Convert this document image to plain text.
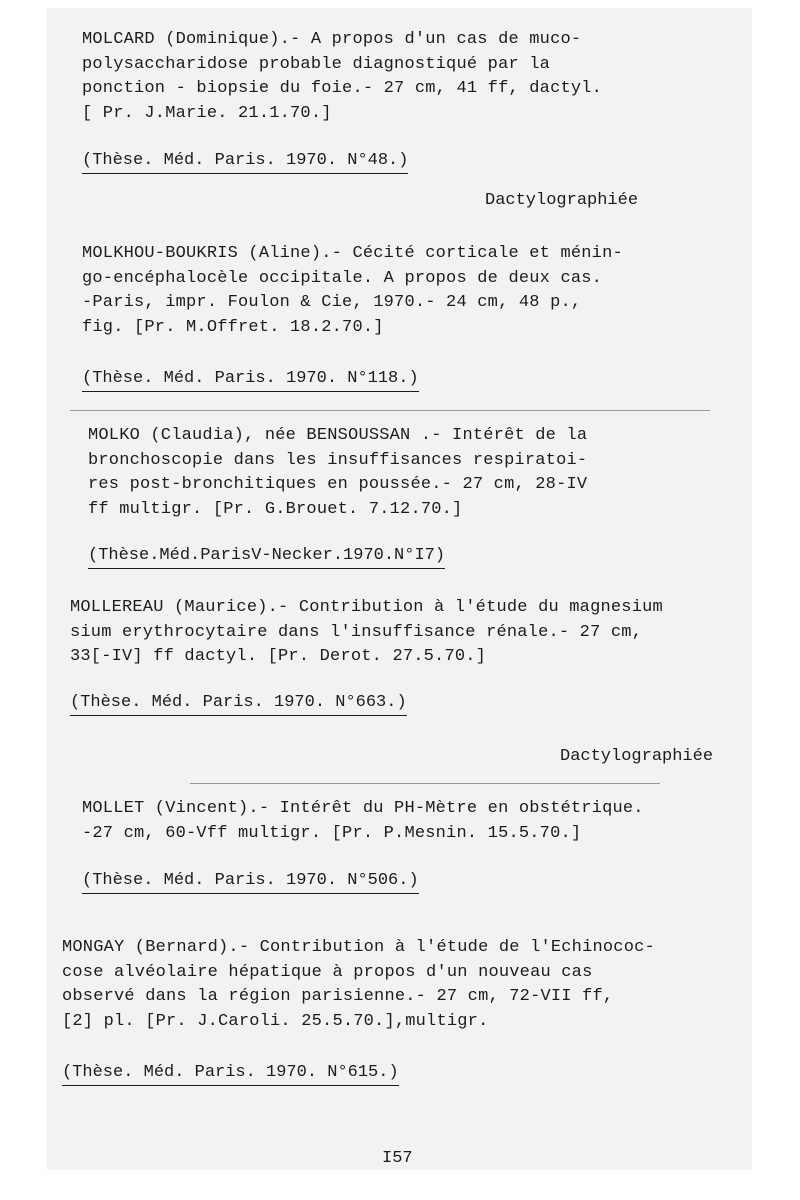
MOLCARD (Dominique).- A propos d'un cas de muco-
polysaccharidose probable diagnostiqué par la
ponction - biopsie du foie.- 27 cm, 41 ff, dactyl.
[ Pr. J.Marie. 21.1.70.]
(Thèse. Méd. Paris. 1970. N°48.)
Dactylographiée
MOLKHOU-BOUKRIS (Aline).- Cécité corticale et ménin-
go-encéphalocèle occipitale. A propos de deux cas.
-Paris, impr. Foulon & Cie, 1970.- 24 cm, 48 p.,
fig. [Pr. M.Offret. 18.2.70.]
(Thèse. Méd. Paris. 1970. N°118.)
MOLKO (Claudia), née BENSOUSSAN .- Intérêt de la
bronchoscopie dans les insuffisances respiratoi-
res post-bronchitiques en poussée.- 27 cm, 28-IV
ff multigr. [Pr. G.Brouet. 7.12.70.]
(Thèse.Méd.ParisV-Necker.1970.N°I7)
MOLLEREAU (Maurice).- Contribution à l'étude du magnesium
sium erythrocytaire dans l'insuffisance rénale.- 27 cm,
33[-IV] ff dactyl. [Pr. Derot. 27.5.70.]
(Thèse. Méd. Paris. 1970. N°663.)
Dactylographiée
MOLLET (Vincent).- Intérêt du PH-Mètre en obstétrique.
-27 cm, 60-Vff multigr. [Pr. P.Mesnin. 15.5.70.]
(Thèse. Méd. Paris. 1970. N°506.)
MONGAY (Bernard).- Contribution à l'étude de l'Echinococ-
cose alvéolaire hépatique à propos d'un nouveau cas
observé dans la région parisienne.- 27 cm, 72-VII ff,
[2] pl. [Pr. J.Caroli. 25.5.70.],multigr.
(Thèse. Méd. Paris. 1970. N°615.)
I57
